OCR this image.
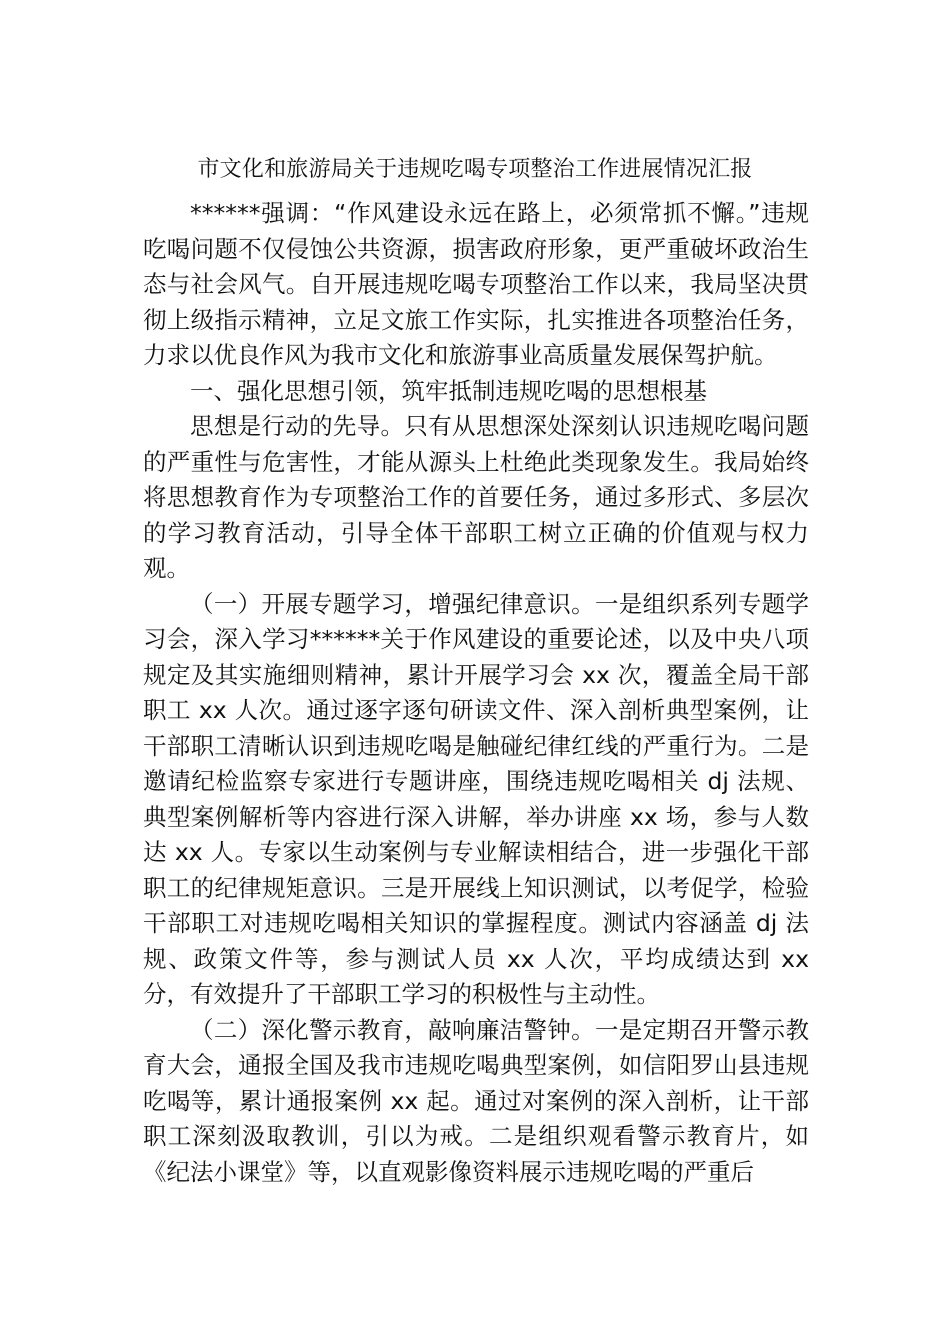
市文化和旅游局关于违规吃喝专项整治工作进展情况汇报

******强调：“作风建设永远在路上，必须常抓不懈。”违规吃喝问题不仅侵蚀公共资源，损害政府形象，更严重破坏政治生态与社会风气。自开展违规吃喝专项整治工作以来，我局坚决贯彻上级指示精神，立足文旅工作实际，扎实推进各项整治任务，力求以优良作风为我市文化和旅游事业高质量发展保驾护航。

一、强化思想引领，筑牢抵制违规吃喝的思想根基

思想是行动的先导。只有从思想深处深刻认识违规吃喝问题的严重性与危害性，才能从源头上杜绝此类现象发生。我局始终将思想教育作为专项整治工作的首要任务，通过多形式、多层次的学习教育活动，引导全体干部职工树立正确的价值观与权力观。

（一）开展专题学习，增强纪律意识。一是组织系列专题学习会，深入学习******关于作风建设的重要论述，以及中央八项规定及其实施细则精神，累计开展学习会 xx 次，覆盖全局干部职工 xx 人次。通过逐字逐句研读文件、深入剖析典型案例，让干部职工清晰认识到违规吃喝是触碰纪律红线的严重行为。二是邀请纪检监察专家进行专题讲座，围绕违规吃喝相关 dj 法规、典型案例解析等内容进行深入讲解，举办讲座 xx 场，参与人数达 xx 人。专家以生动案例与专业解读相结合，进一步强化干部职工的纪律规矩意识。三是开展线上知识测试，以考促学，检验干部职工对违规吃喝相关知识的掌握程度。测试内容涵盖 dj 法规、政策文件等，参与测试人员 xx 人次，平均成绩达到 xx 分，有效提升了干部职工学习的积极性与主动性。

（二）深化警示教育，敲响廉洁警钟。一是定期召开警示教育大会，通报全国及我市违规吃喝典型案例，如信阳罗山县违规吃喝等，累计通报案例 xx 起。通过对案例的深入剖析，让干部职工深刻汲取教训，引以为戒。二是组织观看警示教育片，如《纪法小课堂》等，以直观影像资料展示违规吃喝的严重后
